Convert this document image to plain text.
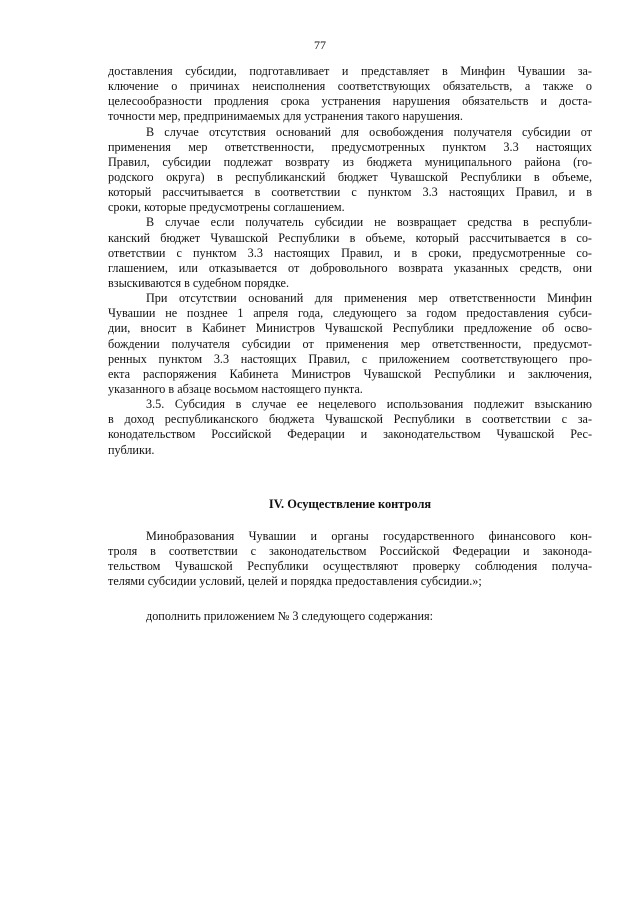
77
доставления субсидии, подготавливает и представляет в Минфин Чувашии за-
ключение о причинах неисполнения соответствующих обязательств, а также о
целесообразности продления срока устранения нарушения обязательств и доста-
точности мер, предпринимаемых для устранения такого нарушения.
В случае отсутствия оснований для освобождения получателя субсидии от
применения мер ответственности, предусмотренных пунктом 3.3 настоящих
Правил, субсидии подлежат возврату из бюджета муниципального района (го-
родского округа) в республиканский бюджет Чувашской Республики в объеме,
который рассчитывается в соответствии с пунктом 3.3 настоящих Правил, и в
сроки, которые предусмотрены соглашением.
В случае если получатель субсидии не возвращает средства в республи-
канский бюджет Чувашской Республики в объеме, который рассчитывается в со-
ответствии с пунктом 3.3 настоящих Правил, и в сроки, предусмотренные со-
глашением, или отказывается от добровольного возврата указанных средств, они
взыскиваются в судебном порядке.
При отсутствии оснований для применения мер ответственности Минфин
Чувашии не позднее 1 апреля года, следующего за годом предоставления субси-
дии, вносит в Кабинет Министров Чувашской Республики предложение об осво-
бождении получателя субсидии от применения мер ответственности, предусмот-
ренных пунктом 3.3 настоящих Правил, с приложением соответствующего про-
екта распоряжения Кабинета Министров Чувашской Республики и заключения,
указанного в абзаце восьмом настоящего пункта.
3.5. Субсидия в случае ее нецелевого использования подлежит взысканию
в доход республиканского бюджета Чувашской Республики в соответствии с за-
конодательством Российской Федерации и законодательством Чувашской Рес-
публики.
IV. Осуществление контроля
Минобразования Чувашии и органы государственного финансового кон-
троля в соответствии с законодательством Российской Федерации и законода-
тельством Чувашской Республики осуществляют проверку соблюдения получа-
телями субсидии условий, целей и порядка предоставления субсидии.»;
дополнить приложением № 3 следующего содержания:
